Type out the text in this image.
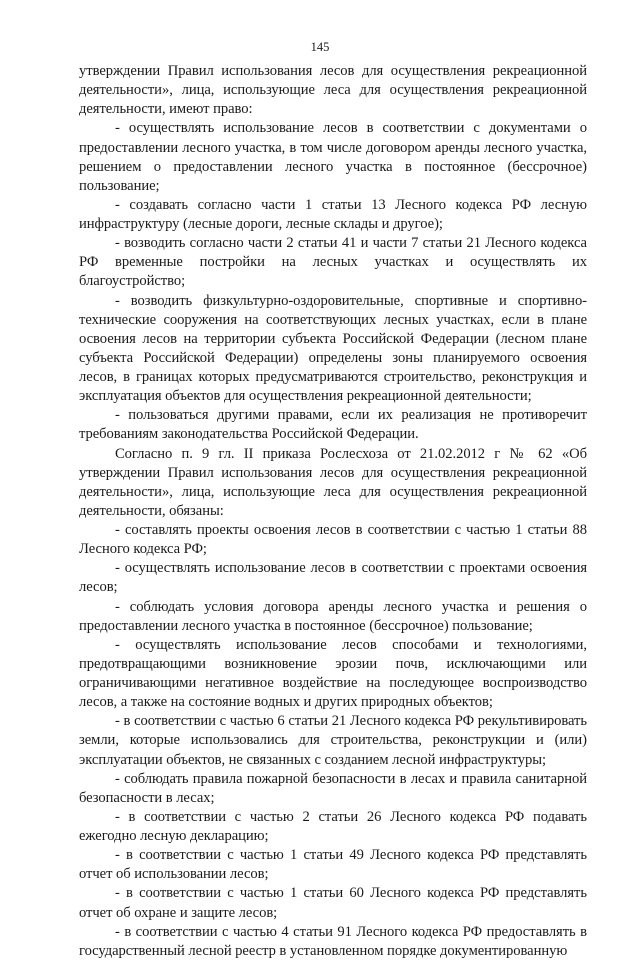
145

утверждении Правил использования лесов для осуществления рекреационной деятельности», лица, использующие леса для осуществления рекреационной деятельности, имеют право:

- осуществлять использование лесов в соответствии с документами о предоставлении лесного участка, в том числе договором аренды лесного участка, решением о предоставлении лесного участка в постоянное (бессрочное) пользование;

- создавать согласно части 1 статьи 13 Лесного кодекса РФ лесную инфраструктуру (лесные дороги, лесные склады и другое);

- возводить согласно части 2 статьи 41 и части 7 статьи 21 Лесного кодекса РФ временные постройки на лесных участках и осуществлять их благоустройство;

- возводить физкультурно-оздоровительные, спортивные и спортивно-технические сооружения на соответствующих лесных участках, если в плане освоения лесов на территории субъекта Российской Федерации (лесном плане субъекта Российской Федерации) определены зоны планируемого освоения лесов, в границах которых предусматриваются строительство, реконструкция и эксплуатация объектов для осуществления рекреационной деятельности;

- пользоваться другими правами, если их реализация не противоречит требованиям законодательства Российской Федерации.

Согласно п. 9 гл. II приказа Рослесхоза от 21.02.2012 г № 62 «Об утверждении Правил использования лесов для осуществления рекреационной деятельности», лица, использующие леса для осуществления рекреационной деятельности, обязаны:

- составлять проекты освоения лесов в соответствии с частью 1 статьи 88 Лесного кодекса РФ;

- осуществлять использование лесов в соответствии с проектами освоения лесов;

- соблюдать условия договора аренды лесного участка и решения о предоставлении лесного участка в постоянное (бессрочное) пользование;

- осуществлять использование лесов способами и технологиями, предотвращающими возникновение эрозии почв, исключающими или ограничивающими негативное воздействие на последующее воспроизводство лесов, а также на состояние водных и других природных объектов;

- в соответствии с частью 6 статьи 21 Лесного кодекса РФ рекультивировать земли, которые использовались для строительства, реконструкции и (или) эксплуатации объектов, не связанных с созданием лесной инфраструктуры;

- соблюдать правила пожарной безопасности в лесах и правила санитарной безопасности в лесах;

- в соответствии с частью 2 статьи 26 Лесного кодекса РФ подавать ежегодно лесную декларацию;

- в соответствии с частью 1 статьи 49 Лесного кодекса РФ представлять отчет об использовании лесов;

- в соответствии с частью 1 статьи 60 Лесного кодекса РФ представлять отчет об охране и защите лесов;

- в соответствии с частью 4 статьи 91 Лесного кодекса РФ предоставлять в государственный лесной реестр в установленном порядке документированную
